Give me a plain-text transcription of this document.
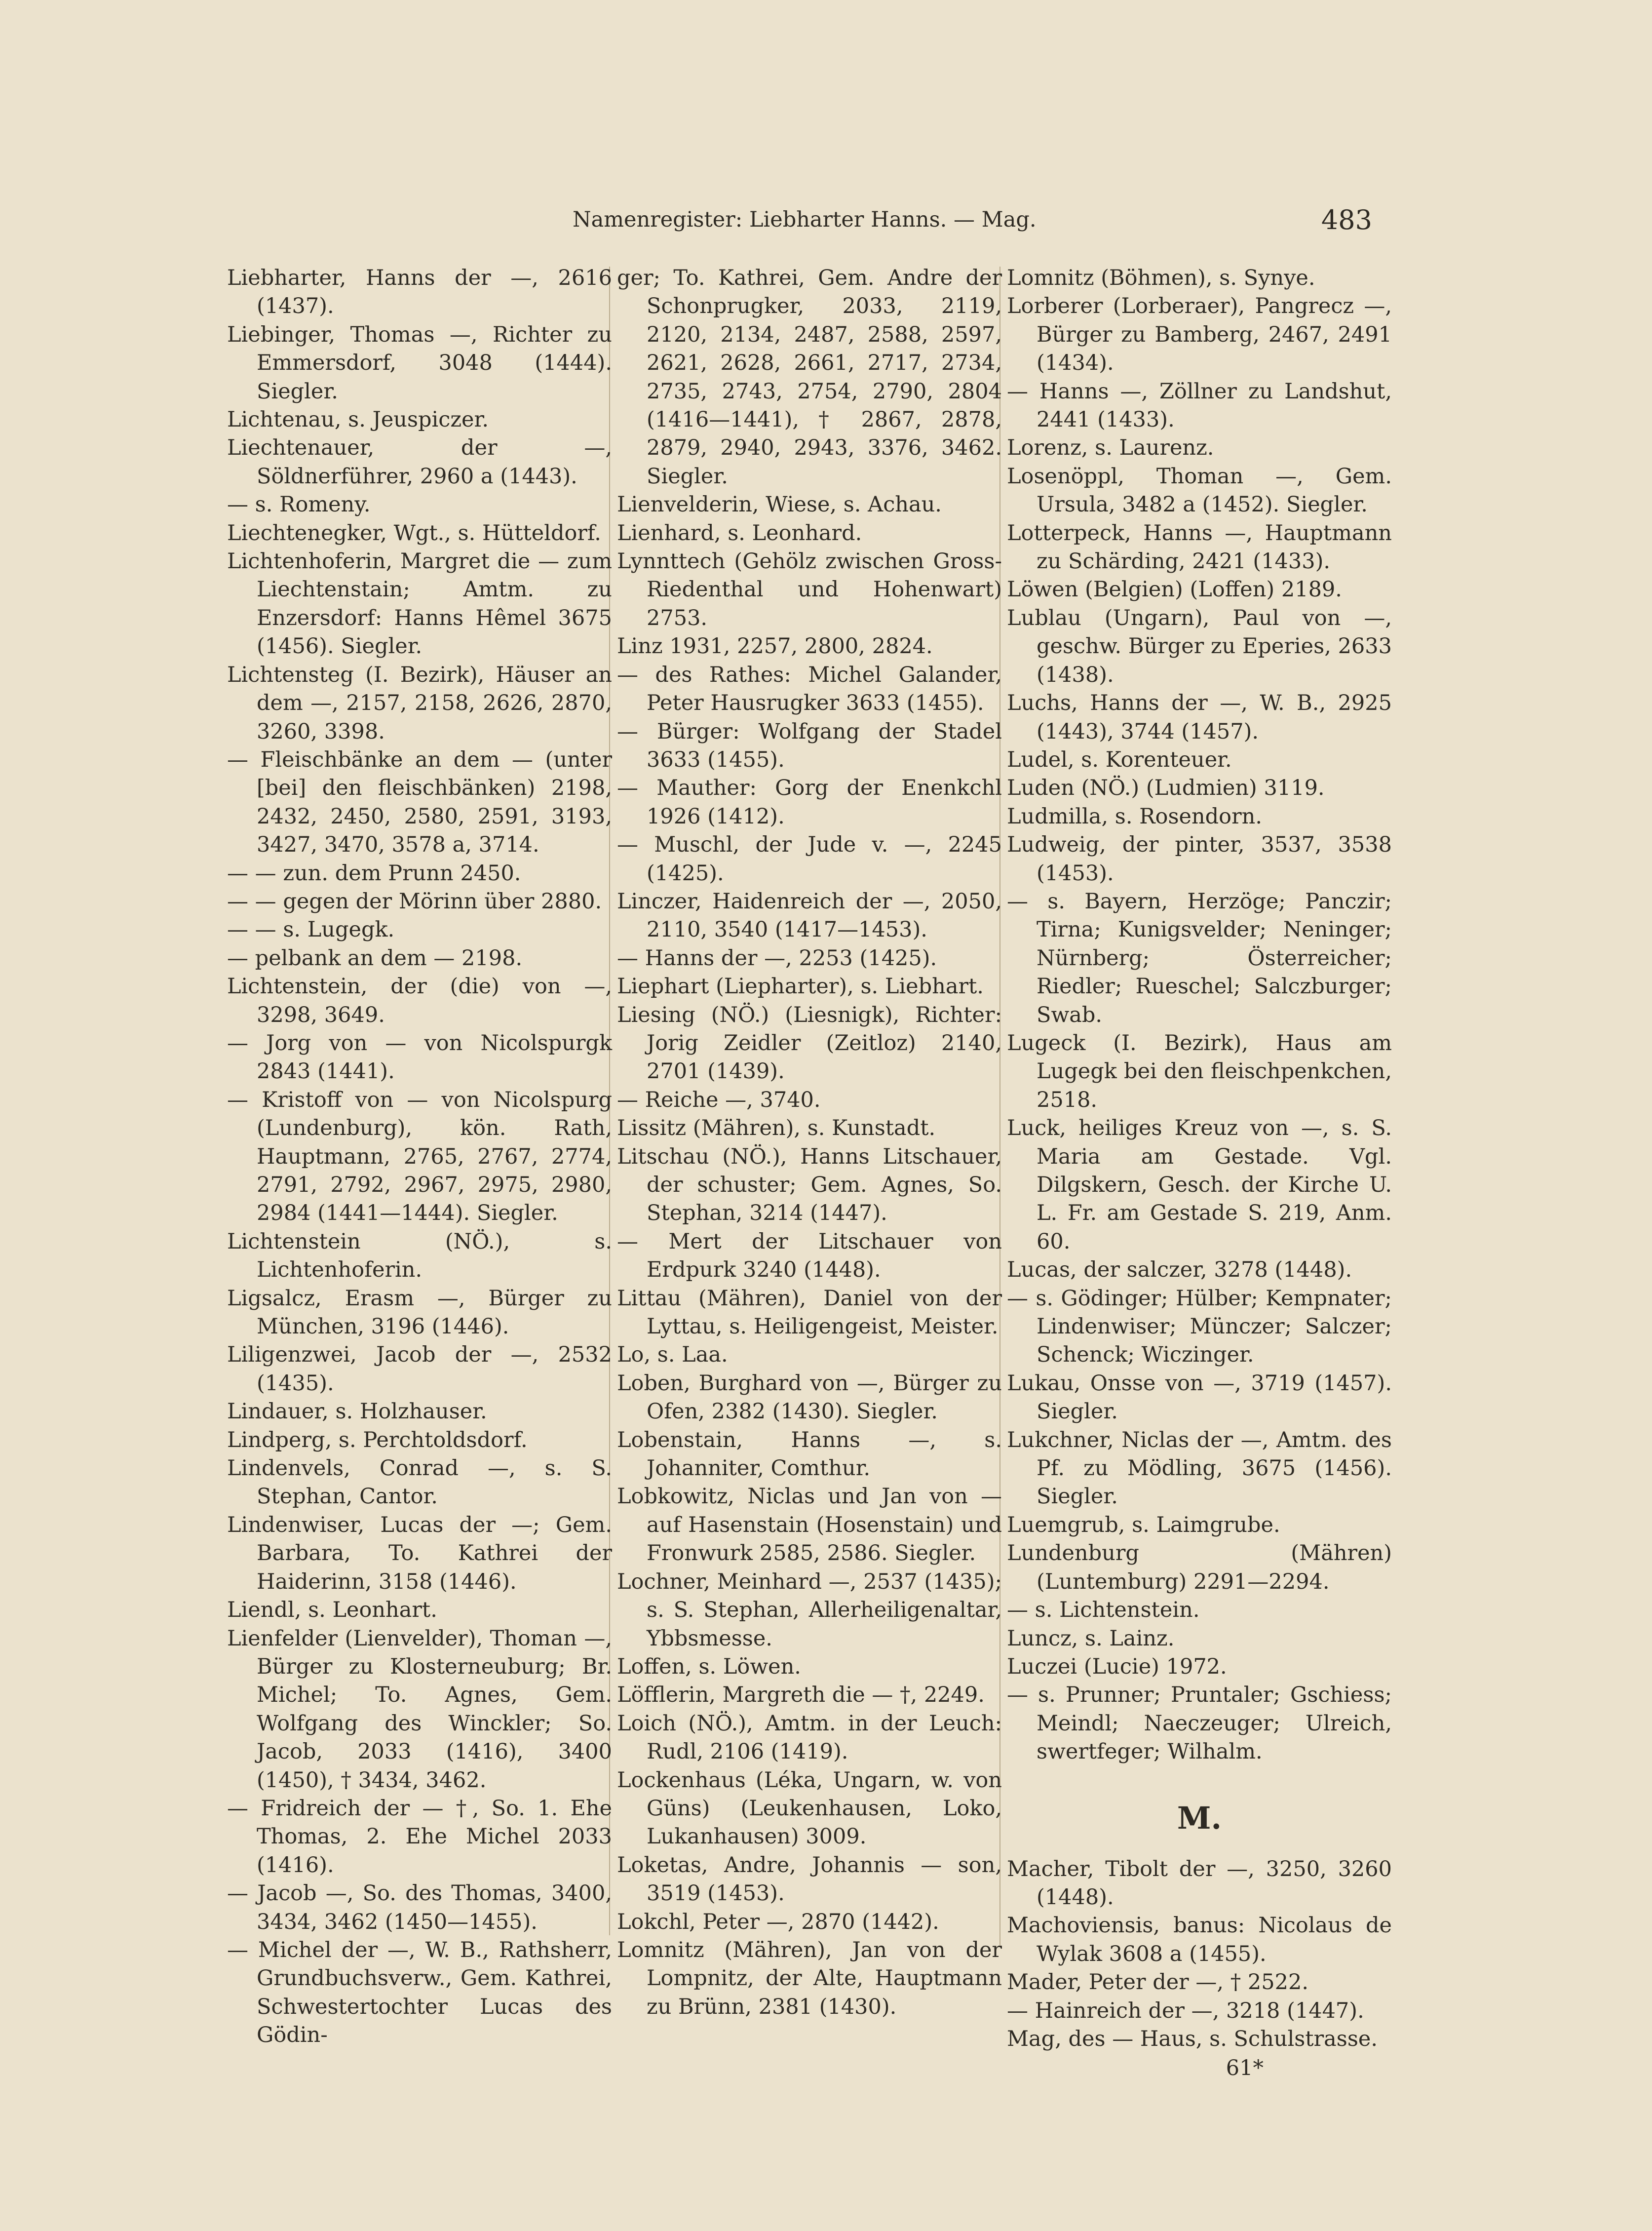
Namenregister: Liebharter Hanns. — Mag.	483
Liebharter, Hanns der —, 2616 (1437).
Liebinger, Thomas —, Richter zu Emmersdorf, 3048 (1444). Siegler.
Lichtenau, s. Jeuspiczer.
Liechtenauer, der —, Söldnerführer, 2960 a (1443).
— s. Romeny.
Liechtenegker, Wgt., s. Hütteldorf.
Lichtenhoferin, Margret die — zum Liechtenstain; Amtm. zu Enzersdorf: Hanns Hêmel 3675 (1456). Siegler.
Lichtensteg (I. Bezirk), Häuser an dem —, 2157, 2158, 2626, 2870, 3260, 3398.
— Fleischbänke an dem — (unter [bei] den fleischbänken) 2198, 2432, 2450, 2580, 2591, 3193, 3427, 3470, 3578 a, 3714.
— — zun. dem Prunn 2450.
— — gegen der Mörinn über 2880.
— — s. Lugegk.
— pelbank an dem — 2198.
Lichtenstein, der (die) von —, 3298, 3649.
— Jorg von — von Nicolspurgk 2843 (1441).
— Kristoff von — von Nicolspurg (Lundenburg), kön. Rath, Hauptmann, 2765, 2767, 2774, 2791, 2792, 2967, 2975, 2980, 2984 (1441—1444). Siegler.
Lichtenstein (NÖ.), s. Lichtenhoferin.
Ligsalcz, Erasm —, Bürger zu München, 3196 (1446).
Liligenzwei, Jacob der —, 2532 (1435).
Lindauer, s. Holzhauser.
Lindperg, s. Perchtoldsdorf.
Lindenvels, Conrad —, s. S. Stephan, Cantor.
Lindenwiser, Lucas der —; Gem. Barbara, To. Kathrei der Haiderinn, 3158 (1446).
Liendl, s. Leonhart.
Lienfelder (Lienvelder), Thoman —, Bürger zu Klosterneuburg; Br. Michel; To. Agnes, Gem. Wolfgang des Winckler; So. Jacob, 2033 (1416), 3400 (1450), † 3434, 3462.
— Fridreich der — †, So. 1. Ehe Thomas, 2. Ehe Michel 2033 (1416).
— Jacob —, So. des Thomas, 3400, 3434, 3462 (1450—1455).
— Michel der —, W. B., Rathsherr, Grundbuchsverw., Gem. Kathrei, Schwestertochter Lucas des Gödin-
ger; To. Kathrei, Gem. Andre der Schonprugker, 2033, 2119, 2120, 2134, 2487, 2588, 2597, 2621, 2628, 2661, 2717, 2734, 2735, 2743, 2754, 2790, 2804 (1416—1441), † 2867, 2878, 2879, 2940, 2943, 3376, 3462. Siegler.
Lienvelderin, Wiese, s. Achau.
Lienhard, s. Leonhard.
Lynnttech (Gehölz zwischen Gross-Riedenthal und Hohenwart) 2753.
Linz 1931, 2257, 2800, 2824.
— des Rathes: Michel Galander, Peter Hausrugker 3633 (1455).
— Bürger: Wolfgang der Stadel 3633 (1455).
— Mauther: Gorg der Enenkchl 1926 (1412).
— Muschl, der Jude v. —, 2245 (1425).
Linczer, Haidenreich der —, 2050, 2110, 3540 (1417—1453).
— Hanns der —, 2253 (1425).
Liephart (Liepharter), s. Liebhart.
Liesing (NÖ.) (Liesnigk), Richter: Jorig Zeidler (Zeitloz) 2140, 2701 (1439).
— Reiche —, 3740.
Lissitz (Mähren), s. Kunstadt.
Litschau (NÖ.), Hanns Litschauer, der schuster; Gem. Agnes, So. Stephan, 3214 (1447).
— Mert der Litschauer von Erdpurk 3240 (1448).
Littau (Mähren), Daniel von der Lyttau, s. Heiligengeist, Meister.
Lo, s. Laa.
Loben, Burghard von —, Bürger zu Ofen, 2382 (1430). Siegler.
Lobenstain, Hanns —, s. Johanniter, Comthur.
Lobkowitz, Niclas und Jan von — auf Hasenstain (Hosenstain) und Fronwurk 2585, 2586. Siegler.
Lochner, Meinhard —, 2537 (1435); s. S. Stephan, Allerheiligenaltar, Ybbsmesse.
Loffen, s. Löwen.
Löfflerin, Margreth die — †, 2249.
Loich (NÖ.), Amtm. in der Leuch: Rudl, 2106 (1419).
Lockenhaus (Léka, Ungarn, w. von Güns) (Leukenhausen, Loko, Lukanhausen) 3009.
Loketas, Andre, Johannis — son, 3519 (1453).
Lokchl, Peter —, 2870 (1442).
Lomnitz (Mähren), Jan von der Lompnitz, der Alte, Hauptmann zu Brünn, 2381 (1430).
Lomnitz (Böhmen), s. Synye.
Lorberer (Lorberaer), Pangrecz —, Bürger zu Bamberg, 2467, 2491 (1434).
— Hanns —, Zöllner zu Landshut, 2441 (1433).
Lorenz, s. Laurenz.
Losenöppl, Thoman —, Gem. Ursula, 3482 a (1452). Siegler.
Lotterpeck, Hanns —, Hauptmann zu Schärding, 2421 (1433).
Löwen (Belgien) (Loffen) 2189.
Lublau (Ungarn), Paul von —, geschw. Bürger zu Eperies, 2633 (1438).
Luchs, Hanns der —, W. B., 2925 (1443), 3744 (1457).
Ludel, s. Korenteuer.
Luden (NÖ.) (Ludmien) 3119.
Ludmilla, s. Rosendorn.
Ludweig, der pinter, 3537, 3538 (1453).
— s. Bayern, Herzöge; Panczir; Tirna; Kunigsvelder; Neninger; Nürnberg; Österreicher; Riedler; Rueschel; Salczburger; Swab.
Lugeck (I. Bezirk), Haus am Lugegk bei den fleischpenkchen, 2518.
Luck, heiliges Kreuz von —, s. S. Maria am Gestade. Vgl. Dilgskern, Gesch. der Kirche U. L. Fr. am Gestade S. 219, Anm. 60.
Lucas, der salczer, 3278 (1448).
— s. Gödinger; Hülber; Kempnater; Lindenwiser; Münczer; Salczer; Schenck; Wiczinger.
Lukau, Onsse von —, 3719 (1457). Siegler.
Lukchner, Niclas der —, Amtm. des Pf. zu Mödling, 3675 (1456). Siegler.
Luemgrub, s. Laimgrube.
Lundenburg (Mähren) (Luntemburg) 2291—2294.
— s. Lichtenstein.
Luncz, s. Lainz.
Luczei (Lucie) 1972.
— s. Prunner; Pruntaler; Gschiess; Meindl; Naeczeuger; Ulreich, swertfeger; Wilhalm.
M.
Macher, Tibolt der —, 3250, 3260 (1448).
Machoviensis, banus: Nicolaus de Wylak 3608 a (1455).
Mader, Peter der —, † 2522.
— Hainreich der —, 3218 (1447).
Mag, des — Haus, s. Schulstrasse.
61*
